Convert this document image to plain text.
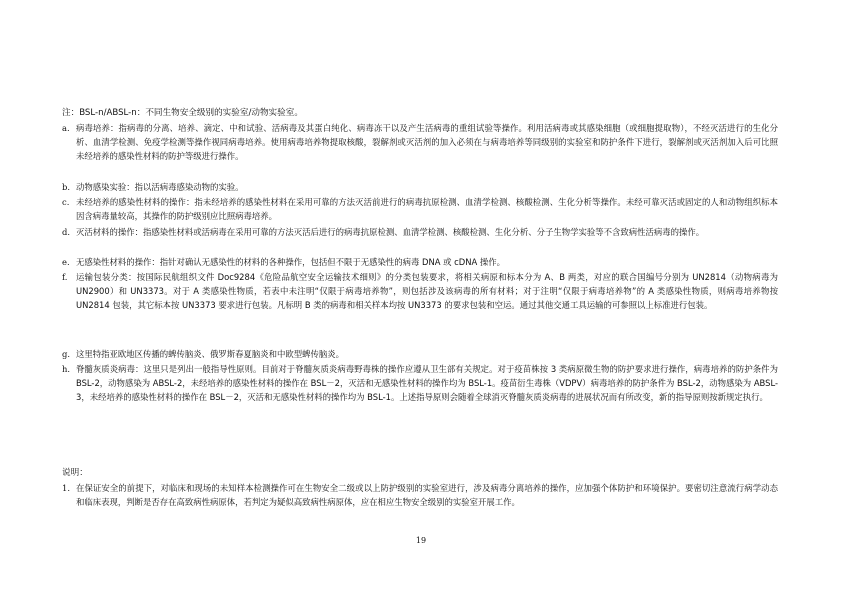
注：BSL-n/ABSL-n：不同生物安全级别的实验室/动物实验室。
a. 病毒培养：指病毒的分离、培养、滴定、中和试验、活病毒及其蛋白纯化、病毒冻干以及产生活病毒的重组试验等操作。利用活病毒或其感染细胞（或细胞提取物），不经灭活进行的生化分析、血清学检测、免疫学检测等操作视同病毒培养。使用病毒培养物提取核酸，裂解剂或灭活剂的加入必须在与病毒培养等同级别的实验室和防护条件下进行，裂解剂或灭活剂加入后可比照未经培养的感染性材料的防护等级进行操作。
b. 动物感染实验：指以活病毒感染动物的实验。
c. 未经培养的感染性材料的操作：指未经培养的感染性材料在采用可靠的方法灭活前进行的病毒抗原检测、血清学检测、核酸检测、生化分析等操作。未经可靠灭活或固定的人和动物组织标本因含病毒量较高，其操作的防护级别应比照病毒培养。
d. 灭活材料的操作：指感染性材料或活病毒在采用可靠的方法灭活后进行的病毒抗原检测、血清学检测、核酸检测、生化分析、分子生物学实验等不含致病性活病毒的操作。
e. 无感染性材料的操作：指针对确认无感染性的材料的各种操作，包括但不限于无感染性的病毒 DNA 或 cDNA 操作。
f.	运输包装分类：按国际民航组织文件 Doc9284《危险品航空安全运输技术细则》的分类包装要求，将相关病原和标本分为 A、B 两类，对应的联合国编号分别为 UN2814（动物病毒为 UN2900）和 UN3373。对于 A 类感染性物质，若表中未注明“仅限于病毒培养物”，则包括涉及该病毒的所有材料；对于注明“仅限于病毒培养物”的 A 类感染性物质，则病毒培养物按 UN2814 包装，其它标本按 UN3373 要求进行包装。凡标明 B 类的病毒和相关样本均按 UN3373 的要求包装和空运。通过其他交通工具运输的可参照以上标准进行包装。
g. 这里特指亚欧地区传播的蜱传脑炎、俄罗斯春夏脑炎和中欧型蜱传脑炎。
h. 脊髓灰质炎病毒：这里只是列出一般指导性原则。目前对于脊髓灰质炎病毒野毒株的操作应遵从卫生部有关规定。对于疫苗株按 3 类病原微生物的防护要求进行操作，病毒培养的防护条件为 BSL-2，动物感染为 ABSL-2，未经培养的感染性材料的操作在 BSL－2，灭活和无感染性材料的操作均为 BSL-1。疫苗衍生毒株（VDPV）病毒培养的防护条件为 BSL-2，动物感染为 ABSL-3，未经培养的感染性材料的操作在 BSL－2，灭活和无感染性材料的操作均为 BSL-1。上述指导原则会随着全球消灭脊髓灰质炎病毒的进展状况而有所改变，新的指导原则按新规定执行。
说明：
1. 在保证安全的前提下，对临床和现场的未知样本检测操作可在生物安全二级或以上防护级别的实验室进行，涉及病毒分离培养的操作，应加强个体防护和环境保护。要密切注意流行病学动态和临床表现，判断是否存在高致病性病原体，若判定为疑似高致病性病原体，应在相应生物安全级别的实验室开展工作。
19
